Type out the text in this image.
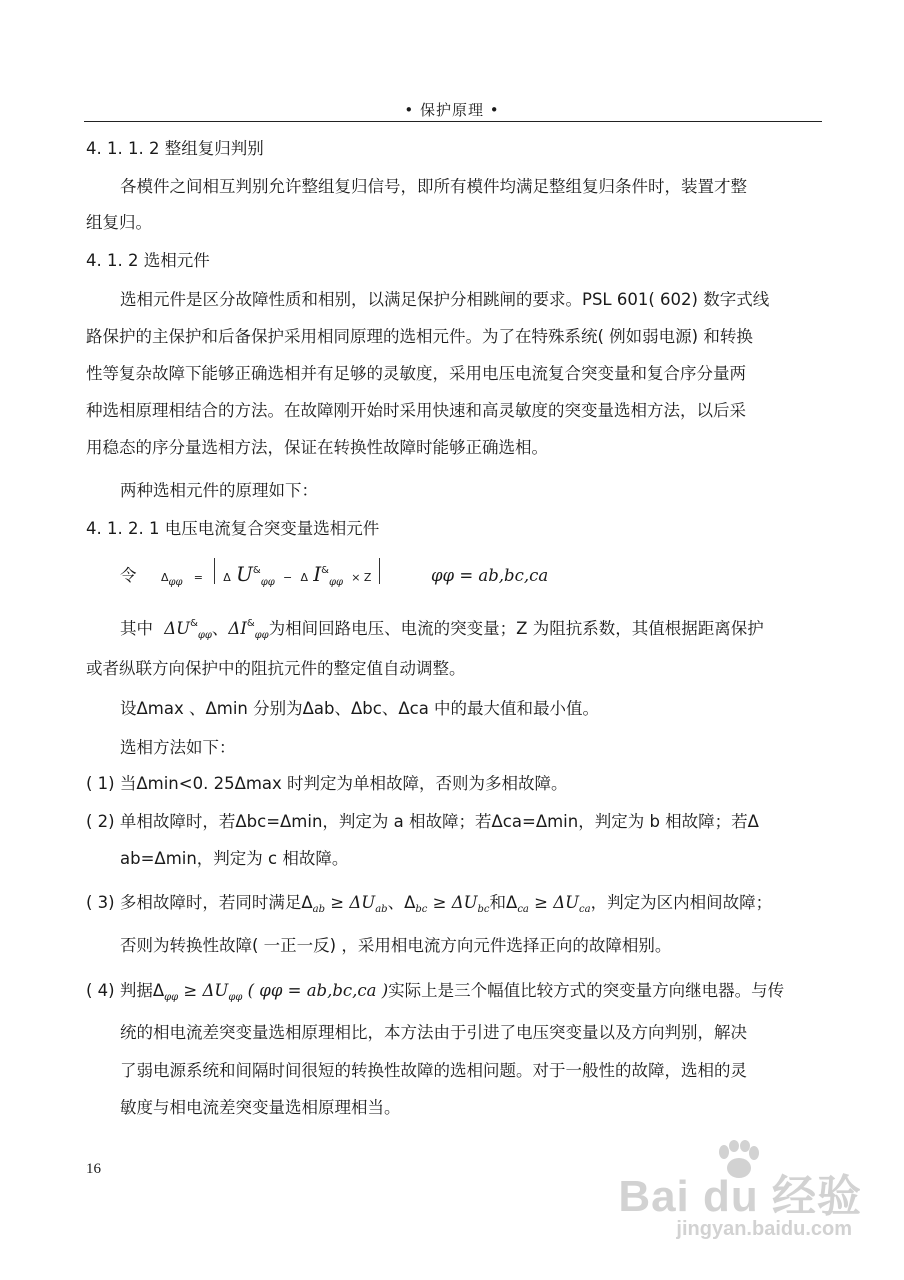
• 保护原理 •
4. 1. 1. 2 整组复归判别
各模件之间相互判别允许整组复归信号，即所有模件均满足整组复归条件时，装置才整
组复归。
4. 1. 2 选相元件
选相元件是区分故障性质和相别，以满足保护分相跳闸的要求。PSL 601( 602) 数字式线
路保护的主保护和后备保护采用相同原理的选相元件。为了在特殊系统( 例如弱电源) 和转换
性等复杂故障下能够正确选相并有足够的灵敏度，采用电压电流复合突变量和复合序分量两
种选相原理相结合的方法。在故障刚开始时采用快速和高灵敏度的突变量选相方法，以后采
用稳态的序分量选相方法，保证在转换性故障时能够正确选相。
两种选相元件的原理如下：
4. 1. 2. 1 电压电流复合突变量选相元件
令 $\Delta_{\varphi\varphi} = \Delta$ $U^{\&}_{\varphi\varphi} - \Delta$ $I^{\&}_{\varphi\varphi} \times Z$	φφ = ab,bc,ca
其中 $\Delta U^{\&}_{\varphi\varphi}$、$\Delta I^{\&}_{\varphi\varphi}$为相间回路电压、电流的突变量；Z 为阻抗系数，其值根据距离保护
或者纵联方向保护中的阻抗元件的整定值自动调整。
设Δmax 、Δmin 分别为Δab、Δbc、Δca 中的最大值和最小值。
选相方法如下：
( 1) 当Δmin<0. 25Δmax 时判定为单相故障，否则为多相故障。
( 2) 单相故障时，若Δbc=Δmin，判定为 a 相故障；若Δca=Δmin，判定为 b 相故障；若Δ
ab=Δmin，判定为 c 相故障。
( 3) 多相故障时，若同时满足$\Delta_{ab} \ge \Delta U_{ab}$、$\Delta_{bc} \ge \Delta U_{bc}$和$\Delta_{ca} \ge \Delta U_{ca}$，判定为区内相间故障；
否则为转换性故障( 一正一反) ，采用相电流方向元件选择正向的故障相别。
( 4) 判据$\Delta_{\varphi\varphi} \ge \Delta U_{\varphi\varphi}$ ( φφ = ab,bc,ca )实际上是三个幅值比较方式的突变量方向继电器。与传
统的相电流差突变量选相原理相比，本方法由于引进了电压突变量以及方向判别，解决
了弱电源系统和间隔时间很短的转换性故障的选相问题。对于一般性的故障，选相的灵
敏度与相电流差突变量选相原理相当。
16
Bai du 经验
jingyan.baidu.com
